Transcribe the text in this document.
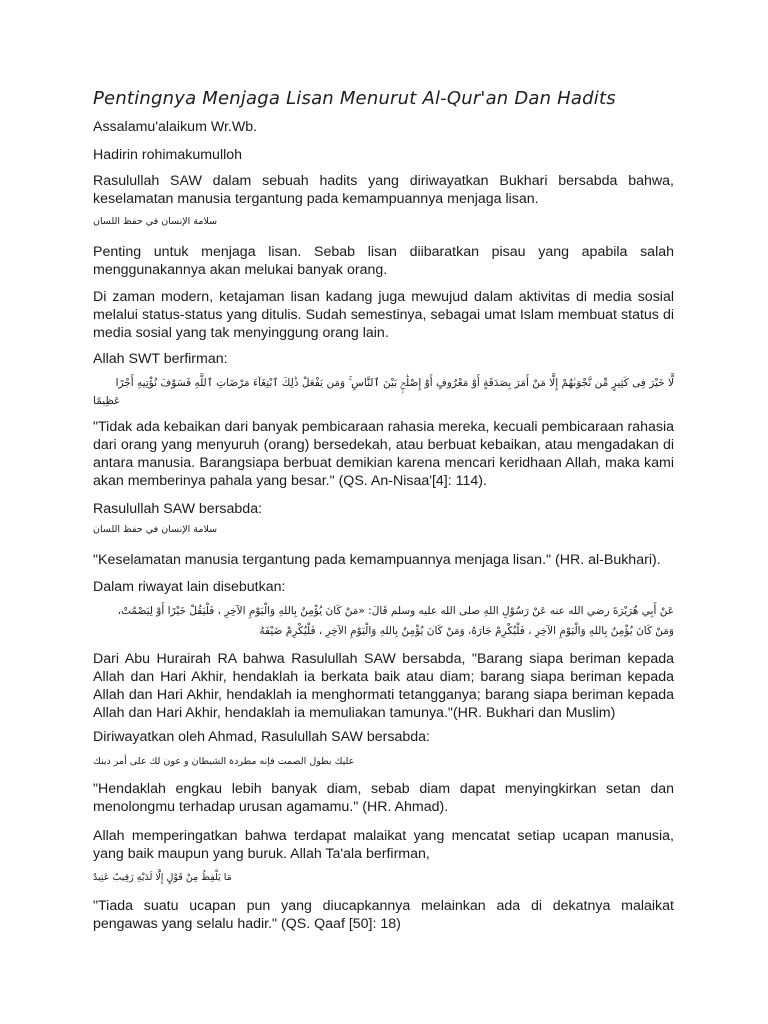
Pentingnya Menjaga Lisan Menurut Al-Qur'an Dan Hadits
Assalamu'alaikum Wr.Wb.
Hadirin rohimakumulloh
Rasulullah SAW dalam sebuah hadits yang diriwayatkan Bukhari bersabda bahwa, keselamatan manusia tergantung pada kemampuannya menjaga lisan.
سلامة الإنسان في حفظ اللسان
Penting untuk menjaga lisan. Sebab lisan diibaratkan pisau yang apabila salah menggunakannya akan melukai banyak orang.
Di zaman modern, ketajaman lisan kadang juga mewujud dalam aktivitas di media sosial melalui status-status yang ditulis. Sudah semestinya, sebagai umat Islam membuat status di media sosial yang tak menyinggung orang lain.
Allah SWT berfirman:
لَّا خَيْرَ فِى كَثِيرٍ مِّن نَّجْوَىٰهُمْ إِلَّا مَنْ أَمَرَ بِصَدَقَةٍ أَوْ مَعْرُوفٍ أَوْ إِصْلَٰحٍۭ بَيْنَ ٱلنَّاسِ ۚ وَمَن يَفْعَلْ ذَٰلِكَ ٱبْتِغَآءَ مَرْضَاتِ ٱللَّهِ فَسَوْفَ نُؤْتِيهِ أَجْرًا
عَظِيمًا
"Tidak ada kebaikan dari banyak pembicaraan rahasia mereka, kecuali pembicaraan rahasia dari orang yang menyuruh (orang) bersedekah, atau berbuat kebaikan, atau mengadakan di antara manusia. Barangsiapa berbuat demikian karena mencari keridhaan Allah, maka kami akan memberinya pahala yang besar." (QS. An-Nisaa'[4]: 114).
Rasulullah SAW bersabda:
سلامة الإنسان في حفظ اللسان
"Keselamatan manusia tergantung pada kemampuannya menjaga lisan." (HR. al-Bukhari).
Dalam riwayat lain disebutkan:
عَنْ أَبِي هُرَيْرَةَ رضي الله عنه عَنْ رَسُوْلِ اللهِ صلى الله عليه وسلم قَالَ: «مَنْ كَانَ يُؤْمِنُ بِاللهِ وَالْيَوْمِ الآخِرِ ، فَلْيَقُلْ خَيْرًا أَوْ لِيَصْمُتْ،
وَمَنْ كَانَ يُؤْمِنُ بِاللهِ وَالْيَوْمِ الآخِرِ ، فَلْيُكْرِمْ جَارَهُ، وَمَنْ كَانَ يُؤْمِنُ بِاللهِ وَالْيَوْمِ الآخِرِ ، فَلْيُكْرِمْ ضَيْفَهُ
Dari Abu Hurairah RA bahwa Rasulullah SAW bersabda, "Barang siapa beriman kepada Allah dan Hari Akhir, hendaklah ia berkata baik atau diam; barang siapa beriman kepada Allah dan Hari Akhir, hendaklah ia menghormati tetangganya; barang siapa beriman kepada Allah dan Hari Akhir, hendaklah ia memuliakan tamunya."(HR. Bukhari dan Muslim)
Diriwayatkan oleh Ahmad, Rasulullah SAW bersabda:
عليك بطول الصمت فإنه مطردة الشيطان و عون لك على أمر دينك
"Hendaklah engkau lebih banyak diam, sebab diam dapat menyingkirkan setan dan menolongmu terhadap urusan agamamu." (HR. Ahmad).
Allah memperingatkan bahwa terdapat malaikat yang mencatat setiap ucapan manusia, yang baik maupun yang buruk. Allah Ta'ala berfirman,
مَا يَلْفِظُ مِنْ قَوْلٍ إِلَّا لَدَيْهِ رَقِيبٌ عَتِيدٌ
"Tiada suatu ucapan pun yang diucapkannya melainkan ada di dekatnya malaikat pengawas yang selalu hadir." (QS. Qaaf [50]: 18)
